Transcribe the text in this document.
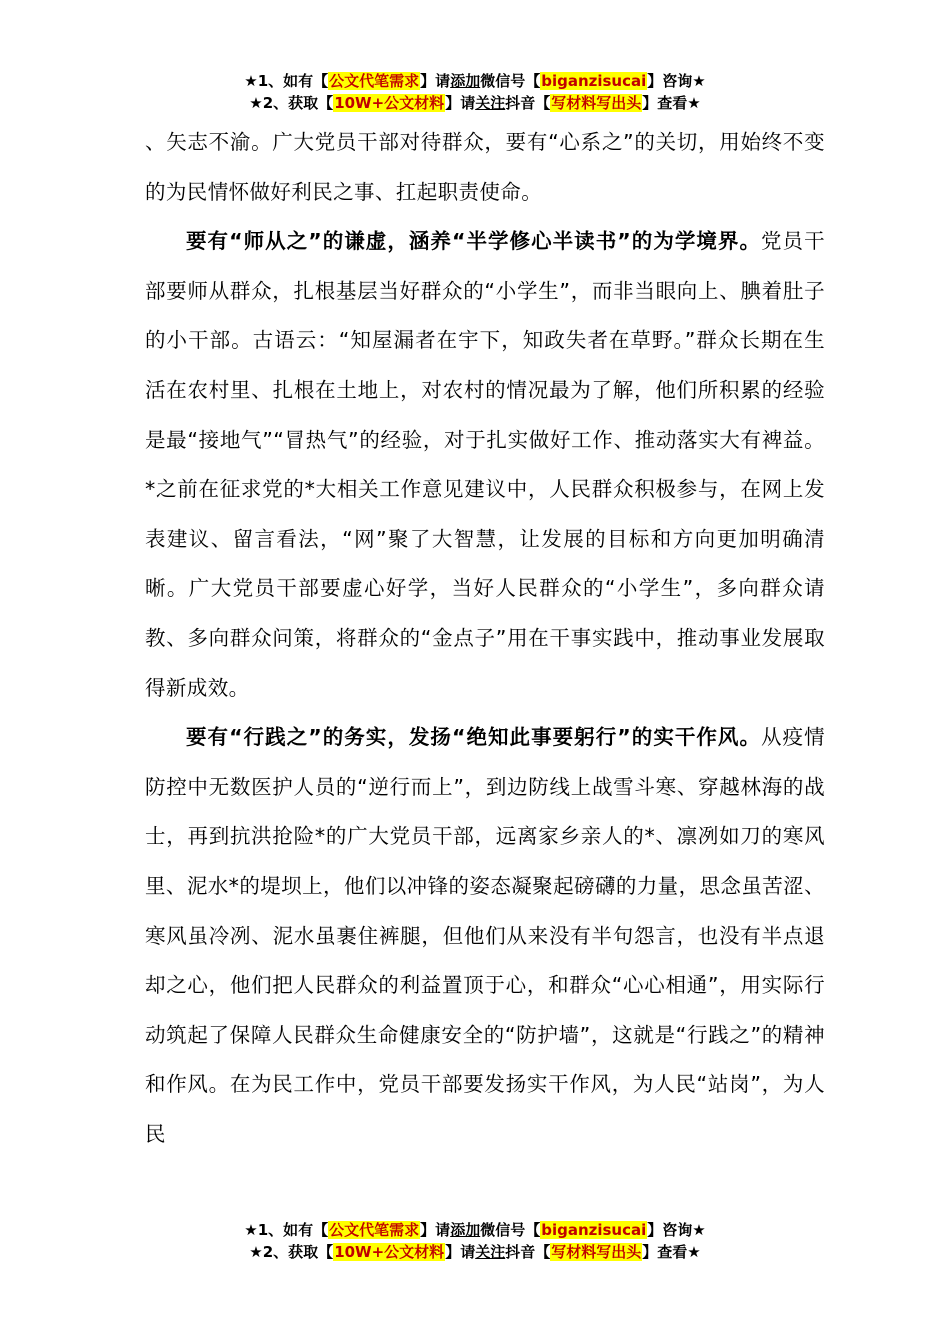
★1、如有【公文代笔需求】请添加微信号【biganzisucai】咨询★
★2、获取【10W+公文材料】请关注抖音【写材料写出头】查看★

、矢志不渝。广大党员干部对待群众，要有“心系之”的关切，用始终不变的为民情怀做好利民之事、扛起职责使命。

要有“师从之”的谦虚，涵养“半学修心半读书”的为学境界。党员干部要师从群众，扎根基层当好群众的“小学生”，而非当眼向上、腆着肚子的小干部。古语云：“知屋漏者在宇下，知政失者在草野。”群众长期在生活在农村里、扎根在土地上，对农村的情况最为了解，他们所积累的经验是最“接地气”“冒热气”的经验，对于扎实做好工作、推动落实大有裨益。*之前在征求党的*大相关工作意见建议中，人民群众积极参与，在网上发表建议、留言看法，“网”聚了大智慧，让发展的目标和方向更加明确清晰。广大党员干部要虚心好学，当好人民群众的“小学生”，多向群众请教、多向群众问策，将群众的“金点子”用在干事实践中，推动事业发展取得新成效。

要有“行践之”的务实，发扬“绝知此事要躬行”的实干作风。从疫情防控中无数医护人员的“逆行而上”，到边防线上战雪斗寒、穿越林海的战士，再到抗洪抢险*的广大党员干部，远离家乡亲人的*、凛冽如刀的寒风里、泥水*的堤坝上，他们以冲锋的姿态凝聚起磅礴的力量，思念虽苦涩、寒风虽冷冽、泥水虽裹住裤腿，但他们从来没有半句怨言，也没有半点退却之心，他们把人民群众的利益置顶于心，和群众“心心相通”，用实际行动筑起了保障人民群众生命健康安全的“防护墙”，这就是“行践之”的精神和作风。在为民工作中，党员干部要发扬实干作风，为人民“站岗”，为人民

★1、如有【公文代笔需求】请添加微信号【biganzisucai】咨询★
★2、获取【10W+公文材料】请关注抖音【写材料写出头】查看★
